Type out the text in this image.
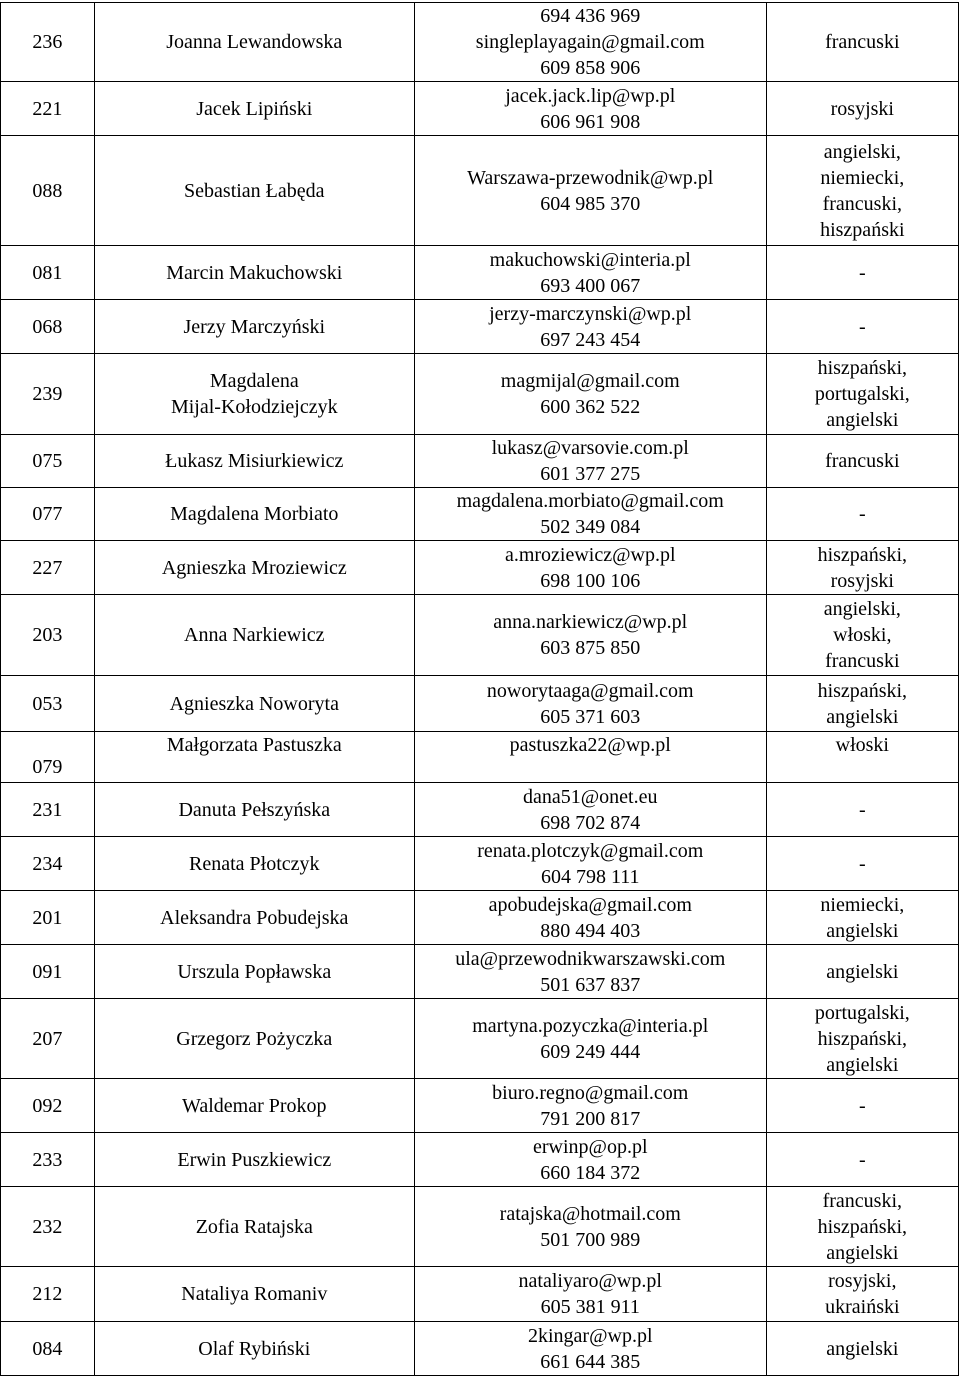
236	Joanna Lewandowska	694 436 969
singleplayagain@gmail.com
609 858 906	francuski

221	Jacek Lipiński	jacek.jack.lip@wp.pl
606 961 908	rosyjski

088	Sebastian Łabęda	Warszawa-przewodnik@wp.pl
604 985 370	angielski,
niemiecki,
francuski,
hiszpański

081	Marcin Makuchowski	makuchowski@interia.pl
693 400 067	-

068	Jerzy Marczyński	jerzy-marczynski@wp.pl
697 243 454	-

239	Magdalena
Mijal-Kołodziejczyk	magmijal@gmail.com
600 362 522	hiszpański,
portugalski,
angielski

075	Łukasz Misiurkiewicz	lukasz@varsovie.com.pl
601 377 275	francuski

077	Magdalena Morbiato	magdalena.morbiato@gmail.com
502 349 084	-

227	Agnieszka Mroziewicz	a.mroziewicz@wp.pl
698 100 106	hiszpański,
rosyjski

203	Anna Narkiewicz	anna.narkiewicz@wp.pl
603 875 850	angielski,
włoski,
francuski

053	Agnieszka Noworyta	noworytaaga@gmail.com
605 371 603	hiszpański,
angielski

079	Małgorzata Pastuszka	pastuszka22@wp.pl	włoski

231	Danuta Pełszyńska	dana51@onet.eu
698 702 874	-

234	Renata Płotczyk	renata.plotczyk@gmail.com
604 798 111	-

201	Aleksandra Pobudejska	apobudejska@gmail.com
880 494 403	niemiecki,
angielski

091	Urszula Popławska	ula@przewodnikwarszawski.com
501 637 837	angielski

207	Grzegorz Pożyczka	martyna.pozyczka@interia.pl
609 249 444	portugalski,
hiszpański,
angielski

092	Waldemar Prokop	biuro.regno@gmail.com
791 200 817	-

233	Erwin Puszkiewicz	erwinp@op.pl
660 184 372	-

232	Zofia Ratajska	ratajska@hotmail.com
501 700 989	francuski,
hiszpański,
angielski

212	Nataliya Romaniv	nataliyaro@wp.pl
605 381 911	rosyjski,
ukraiński

084	Olaf Rybiński	2kingar@wp.pl
661 644 385	angielski
